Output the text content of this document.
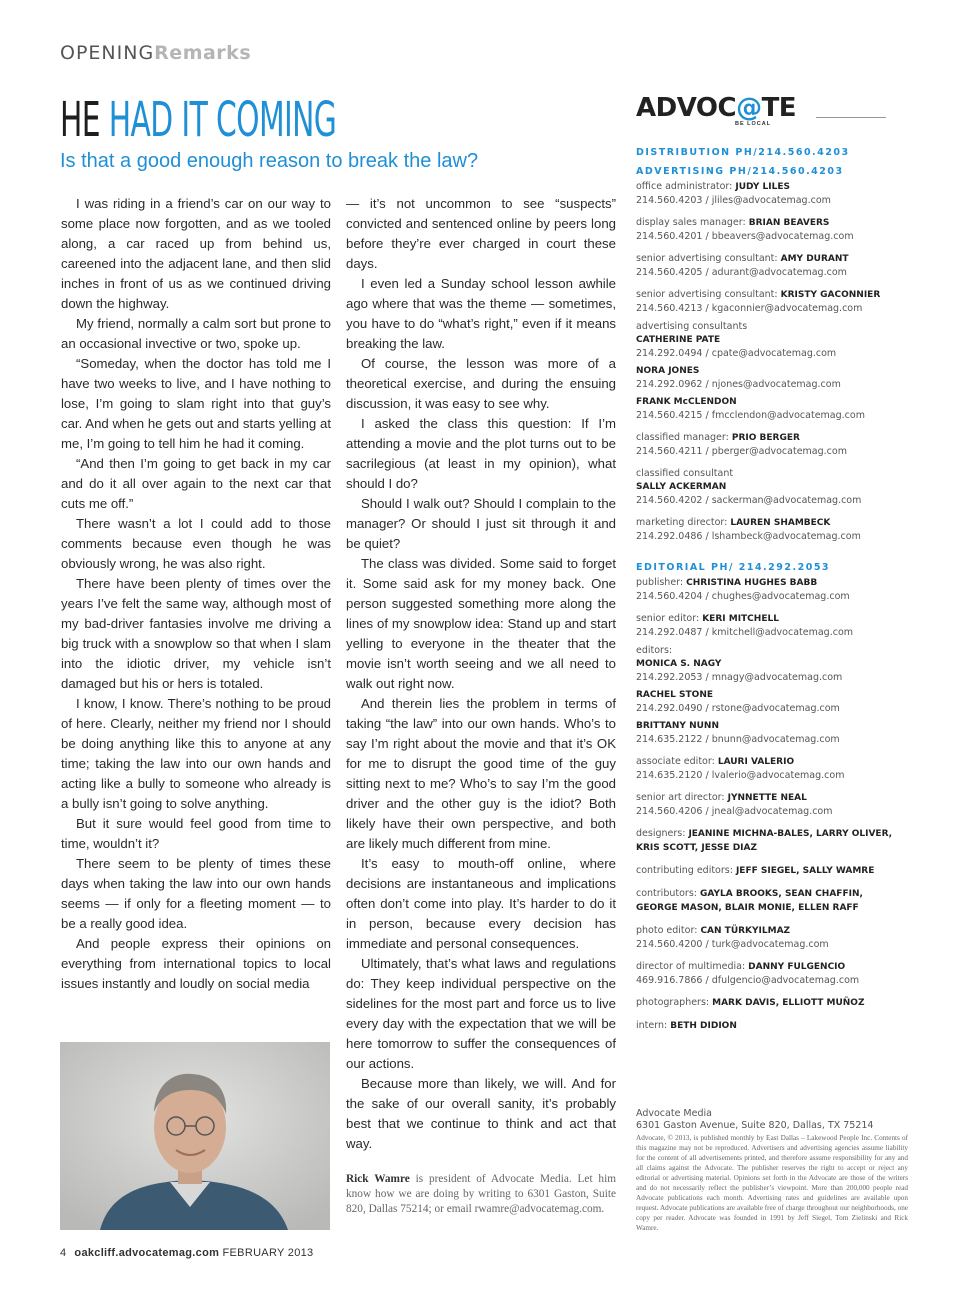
OPENINGRemarks
HE HAD IT COMING
Is that a good enough reason to break the law?

I was riding in a friend’s car on our way to some place now forgotten, and as we tooled along, a car raced up from behind us, careened into the adjacent lane, and then slid inches in front of us as we continued driving down the highway.

My friend, normally a calm sort but prone to an occasional invective or two, spoke up.

“Someday, when the doctor has told me I have two weeks to live, and I have nothing to lose, I’m going to slam right into that guy’s car. And when he gets out and starts yelling at me, I’m going to tell him he had it coming.

“And then I’m going to get back in my car and do it all over again to the next car that cuts me off.”

There wasn’t a lot I could add to those comments because even though he was obviously wrong, he was also right.

There have been plenty of times over the years I’ve felt the same way, although most of my bad-driver fantasies involve me driving a big truck with a snowplow so that when I slam into the idiotic driver, my vehicle isn’t damaged but his or hers is totaled.

I know, I know. There’s nothing to be proud of here. Clearly, neither my friend nor I should be doing anything like this to anyone at any time; taking the law into our own hands and acting like a bully to someone who already is a bully isn’t going to solve anything.

But it sure would feel good from time to time, wouldn’t it?

There seem to be plenty of times these days when taking the law into our own hands seems — if only for a fleeting moment — to be a really good idea.

And people express their opinions on everything from international topics to local issues instantly and loudly on social media

— it’s not uncommon to see “suspects” convicted and sentenced online by peers long before they’re ever charged in court these days.

I even led a Sunday school lesson awhile ago where that was the theme — sometimes, you have to do “what’s right,” even if it means breaking the law.

Of course, the lesson was more of a theoretical exercise, and during the ensuing discussion, it was easy to see why.

I asked the class this question: If I’m attending a movie and the plot turns out to be sacrilegious (at least in my opinion), what should I do?

Should I walk out? Should I complain to the manager? Or should I just sit through it and be quiet?

The class was divided. Some said to forget it. Some said ask for my money back. One person suggested something more along the lines of my snowplow idea: Stand up and start yelling to everyone in the theater that the movie isn’t worth seeing and we all need to walk out right now.

And therein lies the problem in terms of taking “the law” into our own hands. Who’s to say I’m right about the movie and that it’s OK for me to disrupt the good time of the guy sitting next to me? Who’s to say I’m the good driver and the other guy is the idiot? Both likely have their own perspective, and both are likely much different from mine.

It’s easy to mouth-off online, where decisions are instantaneous and implications often don’t come into play. It’s harder to do it in person, because every decision has immediate and personal consequences.

Ultimately, that’s what laws and regulations do: They keep individual perspective on the sidelines for the most part and force us to live every day with the expectation that we will be here tomorrow to suffer the consequences of our actions.

Because more than likely, we will. And for the sake of our overall sanity, it’s probably best that we continue to think and act that way.

Rick Wamre is president of Advocate Media. Let him know how we are doing by writing to 6301 Gaston, Suite 820, Dallas 75214; or email rwamre@advocatemag.com.
4 oakcliff.advocatemag.com FEBRUARY 2013
ADVOC@TE
BE LOCAL
DISTRIBUTION PH/214.560.4203
ADVERTISING PH/214.560.4203
office administrator: JUDY LILES
214.560.4203 / jliles@advocatemag.com
display sales manager: BRIAN BEAVERS
214.560.4201 / bbeavers@advocatemag.com
senior advertising consultant: AMY DURANT
214.560.4205 / adurant@advocatemag.com
senior advertising consultant: KRISTY GACONNIER
214.560.4213 / kgaconnier@advocatemag.com
advertising consultants
CATHERINE PATE
214.292.0494 / cpate@advocatemag.com
NORA JONES
214.292.0962 / njones@advocatemag.com
FRANK McCLENDON
214.560.4215 / fmcclendon@advocatemag.com
classified manager: PRIO BERGER
214.560.4211 / pberger@advocatemag.com
classified consultant
SALLY ACKERMAN
214.560.4202 / sackerman@advocatemag.com
marketing director: LAUREN SHAMBECK
214.292.0486 / lshambeck@advocatemag.com
EDITORIAL PH/ 214.292.2053
publisher: CHRISTINA HUGHES BABB
214.560.4204 / chughes@advocatemag.com
senior editor: KERI MITCHELL
214.292.0487 / kmitchell@advocatemag.com
editors:
MONICA S. NAGY
214.292.2053 / mnagy@advocatemag.com
RACHEL STONE
214.292.0490 / rstone@advocatemag.com
BRITTANY NUNN
214.635.2122 / bnunn@advocatemag.com
associate editor: LAURI VALERIO
214.635.2120 / lvalerio@advocatemag.com
senior art director: JYNNETTE NEAL
214.560.4206 / jneal@advocatemag.com
designers: JEANINE MICHNA-BALES, LARRY OLIVER, KRIS SCOTT, JESSE DIAZ
contributing editors: JEFF SIEGEL, SALLY WAMRE
contributors: GAYLA BROOKS, SEAN CHAFFIN, GEORGE MASON, BLAIR MONIE, ELLEN RAFF
photo editor: CAN TÜRKYILMAZ
214.560.4200 / turk@advocatemag.com
director of multimedia: DANNY FULGENCIO
469.916.7866 / dfulgencio@advocatemag.com
photographers: MARK DAVIS, ELLIOTT MUÑOZ
intern: BETH DIDION
Advocate Media
6301 Gaston Avenue, Suite 820, Dallas, TX 75214
Advocate, © 2013, is published monthly by East Dallas – Lakewood People Inc. Contents of this magazine may not be reproduced. Advertisers and advertising agencies assume liability for the content of all advertisements printed, and therefore assume responsibility for any and all claims against the Advocate. The publisher reserves the right to accept or reject any editorial or advertising material. Opinions set forth in the Advocate are those of the writers and do not necessarily reflect the publisher’s viewpoint. More than 200,000 people read Advocate publications each month. Advertising rates and guidelines are available upon request. Advocate publications are available free of charge throughout our neighborhoods, one copy per reader. Advocate was founded in 1991 by Jeff Siegel, Tom Zielinski and Rick Wamre.
